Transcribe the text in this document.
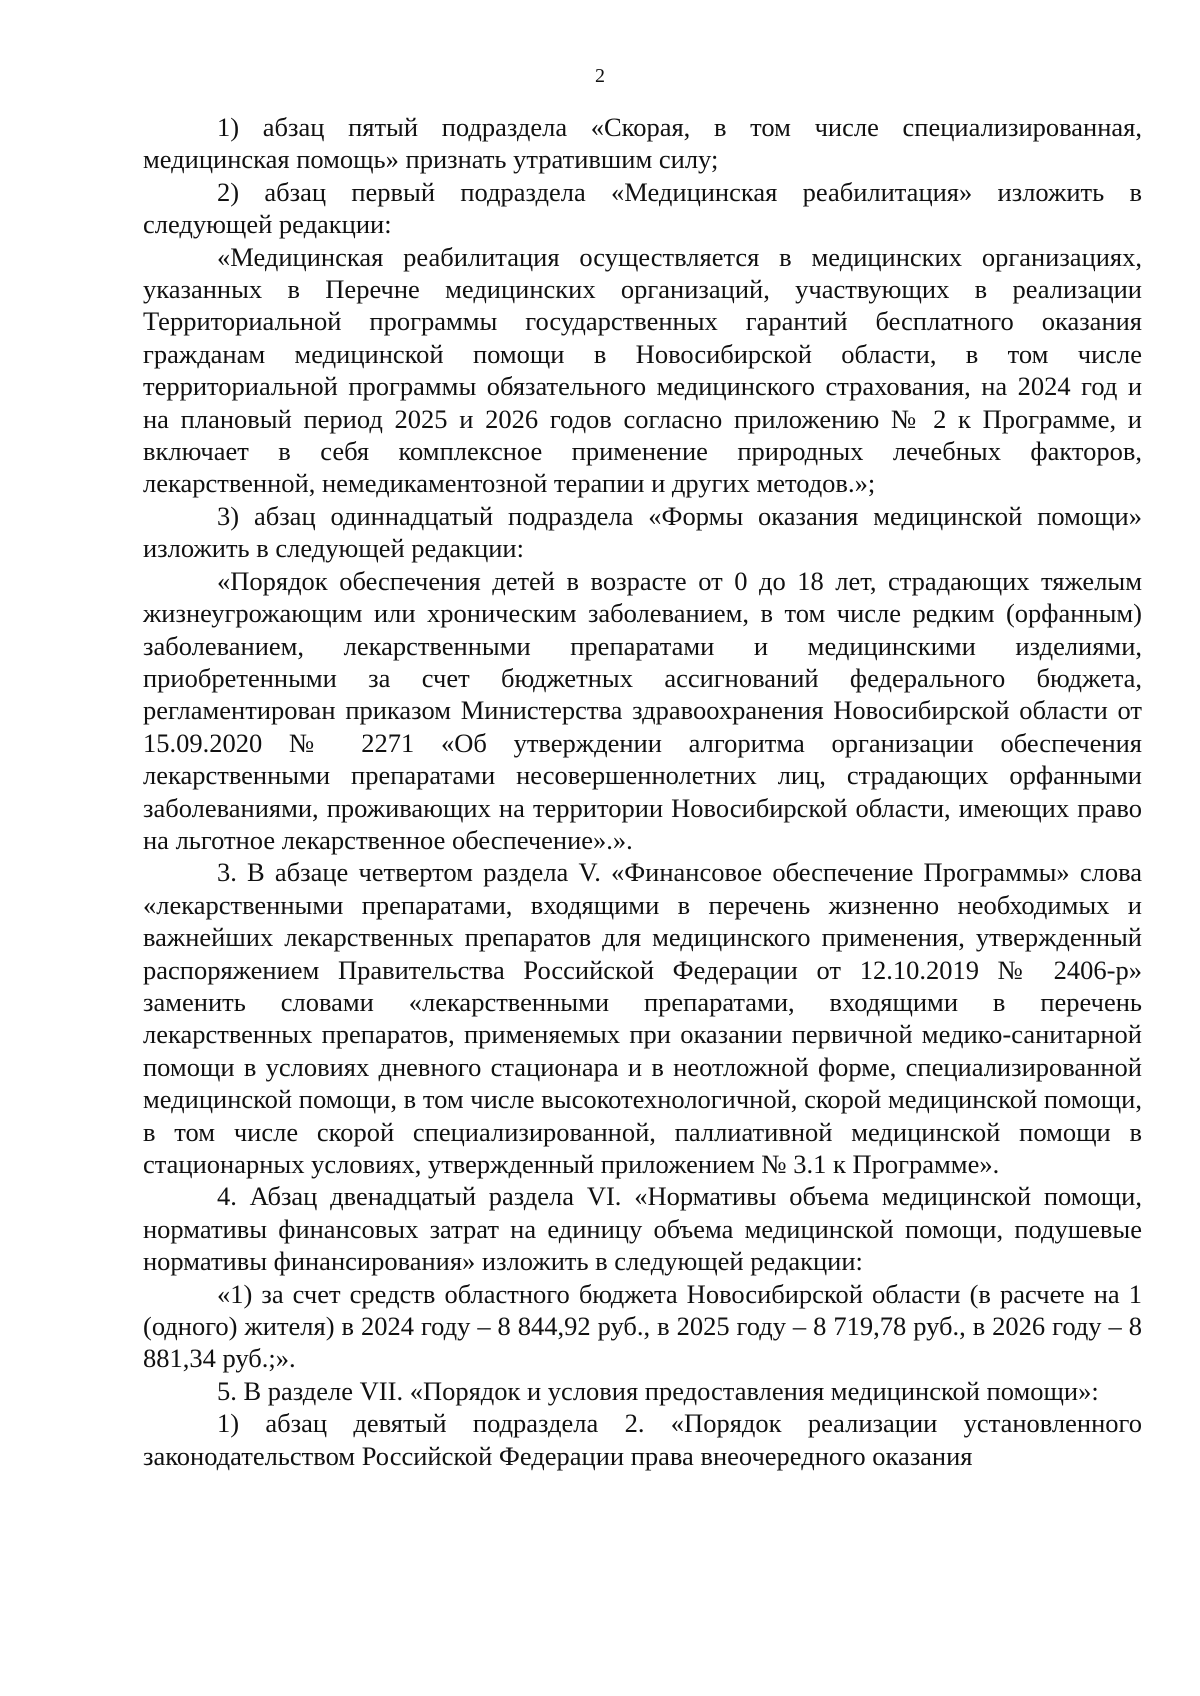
2

1) абзац пятый подраздела «Скорая, в том числе специализированная, медицинская помощь» признать утратившим силу;

2) абзац первый подраздела «Медицинская реабилитация» изложить в следующей редакции:

«Медицинская реабилитация осуществляется в медицинских организациях, указанных в Перечне медицинских организаций, участвующих в реализации Территориальной программы государственных гарантий бесплатного оказания гражданам медицинской помощи в Новосибирской области, в том числе территориальной программы обязательного медицинского страхования, на 2024 год и на плановый период 2025 и 2026 годов согласно приложению № 2 к Программе, и включает в себя комплексное применение природных лечебных факторов, лекарственной, немедикаментозной терапии и других методов.»;

3) абзац одиннадцатый подраздела «Формы оказания медицинской помощи» изложить в следующей редакции:

«Порядок обеспечения детей в возрасте от 0 до 18 лет, страдающих тяжелым жизнеугрожающим или хроническим заболеванием, в том числе редким (орфанным) заболеванием, лекарственными препаратами и медицинскими изделиями, приобретенными за счет бюджетных ассигнований федерального бюджета, регламентирован приказом Министерства здравоохранения Новосибирской области от 15.09.2020 № 2271 «Об утверждении алгоритма организации обеспечения лекарственными препаратами несовершеннолетних лиц, страдающих орфанными заболеваниями, проживающих на территории Новосибирской области, имеющих право на льготное лекарственное обеспечение».».

3. В абзаце четвертом раздела V. «Финансовое обеспечение Программы» слова «лекарственными препаратами, входящими в перечень жизненно необходимых и важнейших лекарственных препаратов для медицинского применения, утвержденный распоряжением Правительства Российской Федерации от 12.10.2019 № 2406-р» заменить словами «лекарственными препаратами, входящими в перечень лекарственных препаратов, применяемых при оказании первичной медико-санитарной помощи в условиях дневного стационара и в неотложной форме, специализированной медицинской помощи, в том числе высокотехнологичной, скорой медицинской помощи, в том числе скорой специализированной, паллиативной медицинской помощи в стационарных условиях, утвержденный приложением № 3.1 к Программе».

4. Абзац двенадцатый раздела VI. «Нормативы объема медицинской помощи, нормативы финансовых затрат на единицу объема медицинской помощи, подушевые нормативы финансирования» изложить в следующей редакции:

«1) за счет средств областного бюджета Новосибирской области (в расчете на 1 (одного) жителя) в 2024 году – 8 844,92 руб., в 2025 году – 8 719,78 руб., в 2026 году – 8 881,34 руб.;».

5. В разделе VII. «Порядок и условия предоставления медицинской помощи»:

1) абзац девятый подраздела 2. «Порядок реализации установленного законодательством Российской Федерации права внеочередного оказания
